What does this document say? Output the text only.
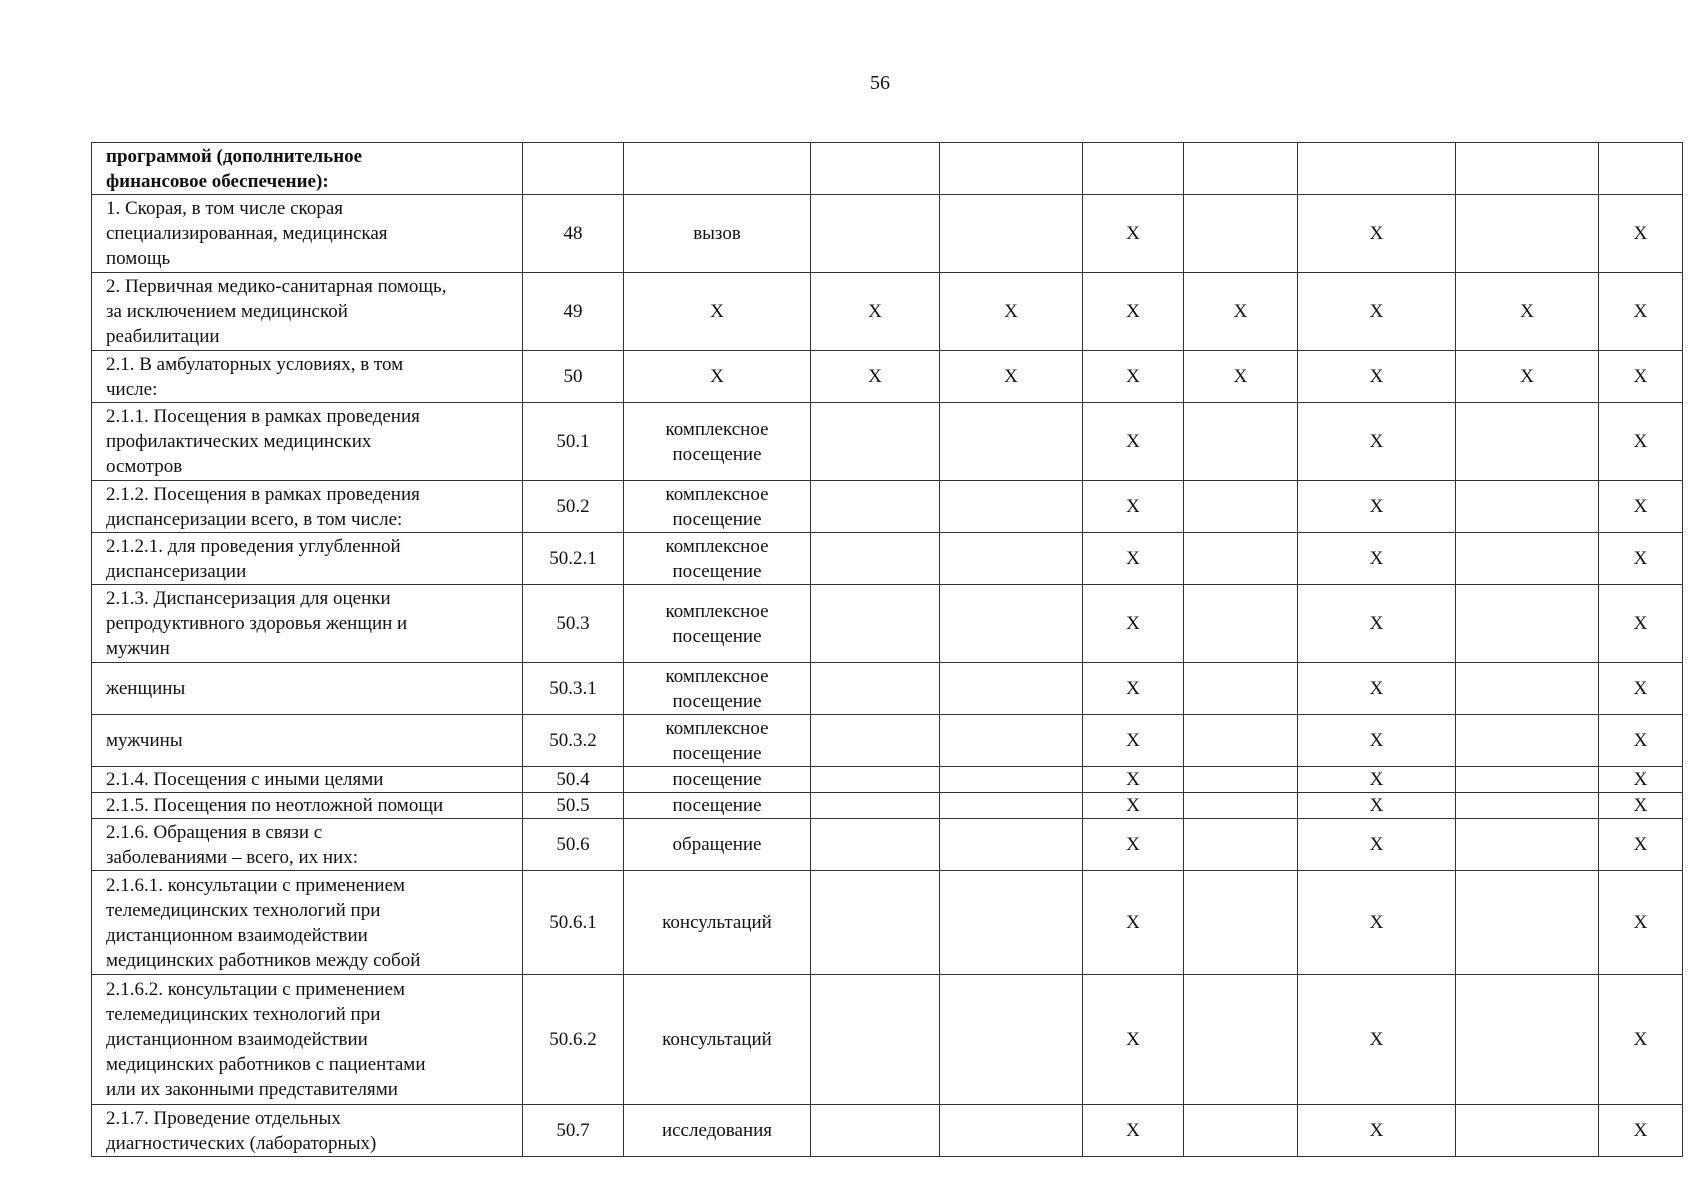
56
программой (дополнительное
финансовое обеспечение):									
1. Скорая, в том числе скорая
специализированная, медицинская
помощь	48	вызов			X		X		X
2. Первичная медико-санитарная помощь,
за исключением медицинской
реабилитации	49	X	X	X	X	X	X	X	X
2.1. В амбулаторных условиях, в том
числе:	50	X	X	X	X	X	X	X	X
2.1.1. Посещения в рамках проведения
профилактических медицинских
осмотров	50.1	комплексное
посещение			X		X		X
2.1.2. Посещения в рамках проведения
диспансеризации всего, в том числе:	50.2	комплексное
посещение			X		X		X
2.1.2.1. для проведения углубленной
диспансеризации	50.2.1	комплексное
посещение			X		X		X
2.1.3. Диспансеризация для оценки
репродуктивного здоровья женщин и
мужчин	50.3	комплексное
посещение			X		X		X
женщины	50.3.1	комплексное
посещение			X		X		X
мужчины	50.3.2	комплексное
посещение			X		X		X
2.1.4. Посещения с иными целями	50.4	посещение			X		X		X
2.1.5. Посещения по неотложной помощи	50.5	посещение			X		X		X
2.1.6. Обращения в связи с
заболеваниями – всего, их них:	50.6	обращение			X		X		X
2.1.6.1. консультации с применением
телемедицинских технологий при
дистанционном взаимодействии
медицинских работников между собой	50.6.1	консультаций			X		X		X
2.1.6.2. консультации с применением
телемедицинских технологий при
дистанционном взаимодействии
медицинских работников с пациентами
или их законными представителями	50.6.2	консультаций			X		X		X
2.1.7. Проведение отдельных
диагностических (лабораторных)	50.7	исследования			X		X		X
